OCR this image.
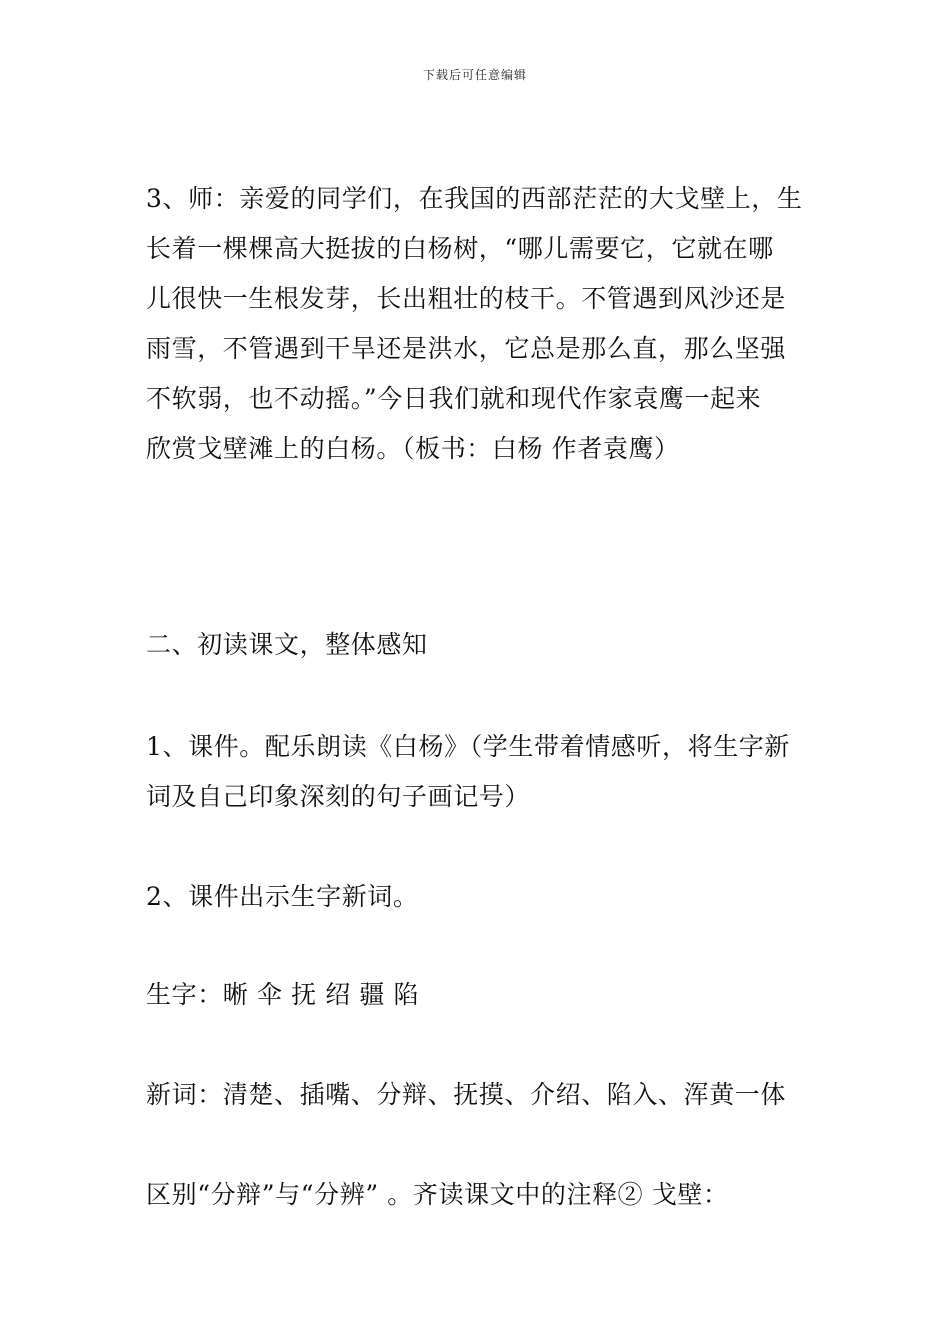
下载后可任意编辑
3、师：亲爱的同学们，在我国的西部茫茫的大戈壁上，生
长着一棵棵高大挺拔的白杨树，“哪儿需要它，它就在哪
儿很快一生根发芽，长出粗壮的枝干。不管遇到风沙还是
雨雪，不管遇到干旱还是洪水，它总是那么直，那么坚强
不软弱，也不动摇。”今日我们就和现代作家袁鹰一起来
欣赏戈壁滩上的白杨。（板书：白杨 作者袁鹰）
二、初读课文，整体感知
1、课件。配乐朗读《白杨》（学生带着情感听，将生字新
词及自己印象深刻的句子画记号）
2、课件出示生字新词。
生字：晰 伞 抚 绍 疆 陷
新词：清楚、插嘴、分辩、抚摸、介绍、陷入、浑黄一体
区别“分辩”与“分辨” 。齐读课文中的注释② 戈壁：
